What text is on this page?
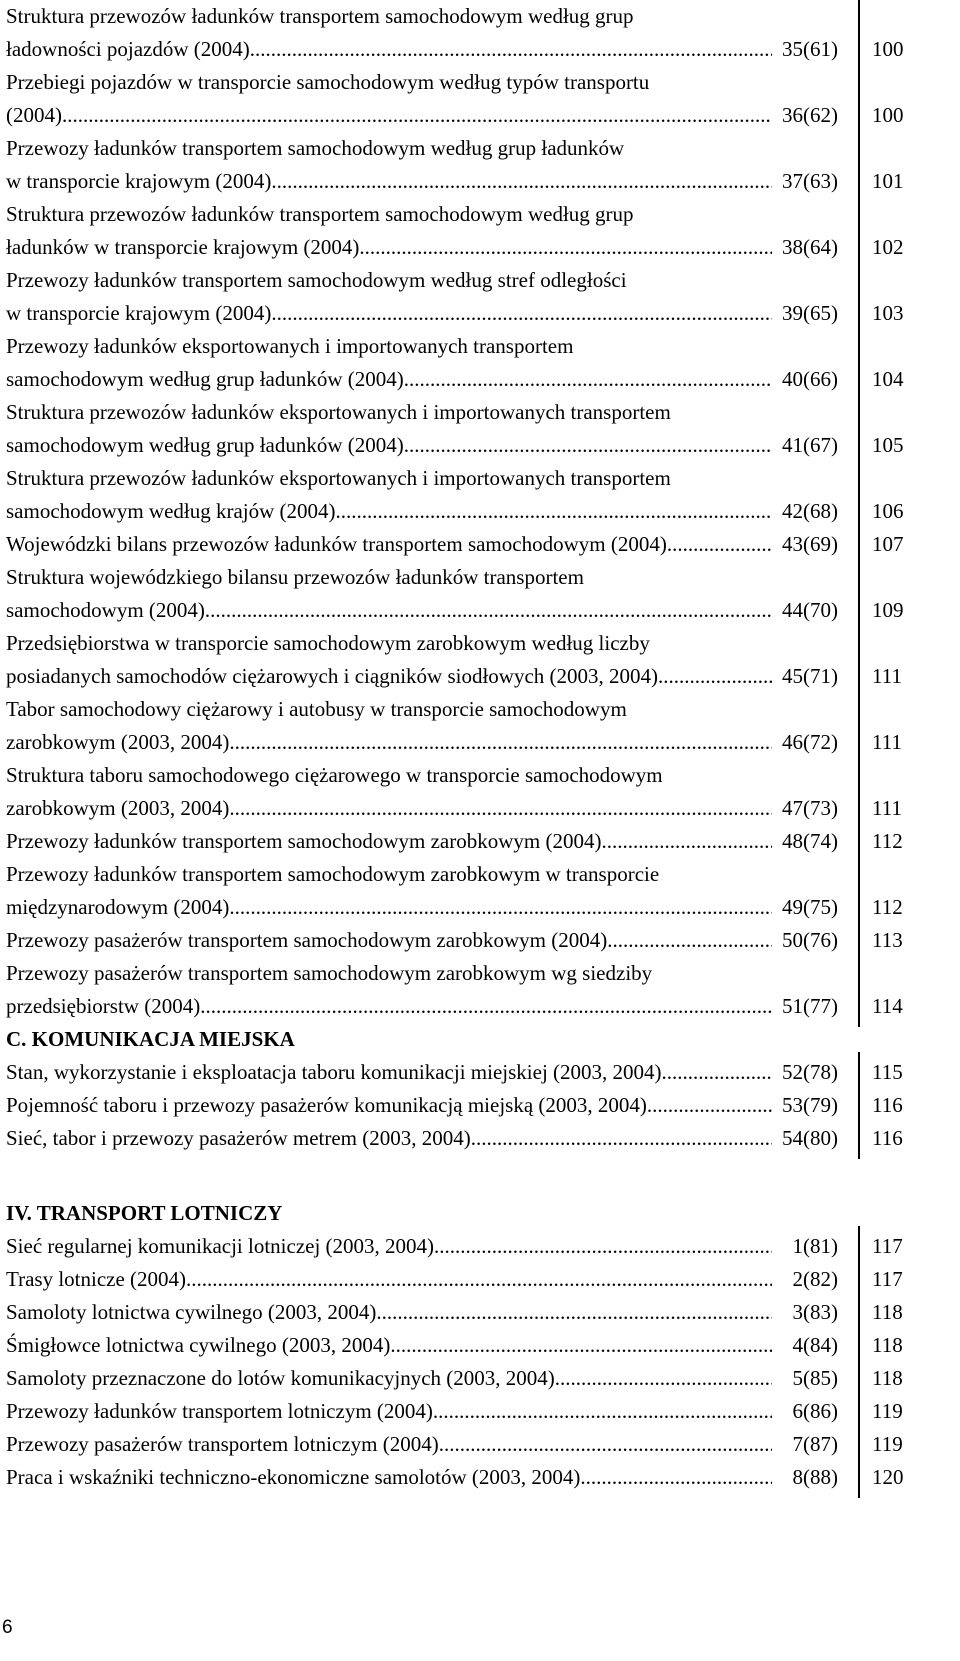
Struktura przewozów ładunków transportem samochodowym według grup
ładowności pojazdów (2004) .....	35(61) 100
Przebiegi pojazdów w transporcie samochodowym według typów transportu
(2004) .....	36(62) 100
Przewozy ładunków transportem samochodowym według grup ładunków
w transporcie krajowym (2004) .....	37(63) 101
Struktura przewozów ładunków transportem samochodowym według grup
ładunków w transporcie krajowym (2004) .....	38(64) 102
Przewozy ładunków transportem samochodowym według stref odległości
w transporcie krajowym (2004) .....	39(65) 103
Przewozy ładunków eksportowanych i importowanych transportem
samochodowym według grup ładunków (2004) .....	40(66) 104
Struktura przewozów ładunków eksportowanych i importowanych transportem
samochodowym według grup ładunków (2004) .....	41(67) 105
Struktura przewozów ładunków eksportowanych i importowanych transportem
samochodowym według krajów (2004) .....	42(68) 106
Wojewódzki bilans przewozów ładunków transportem samochodowym (2004) .....	43(69) 107
Struktura wojewódzkiego bilansu przewozów ładunków transportem
samochodowym (2004) .....	44(70) 109
Przedsiębiorstwa w transporcie samochodowym zarobkowym według liczby
posiadanych samochodów ciężarowych i ciągników siodłowych (2003, 2004) .....	45(71) 111
Tabor samochodowy ciężarowy i autobusy w transporcie samochodowym
zarobkowym (2003, 2004) .....	46(72) 111
Struktura taboru samochodowego ciężarowego w transporcie samochodowym
zarobkowym (2003, 2004) .....	47(73) 111
Przewozy ładunków transportem samochodowym zarobkowym (2004) .....	48(74) 112
Przewozy ładunków transportem samochodowym zarobkowym w transporcie
międzynarodowym (2004) .....	49(75) 112
Przewozy pasażerów transportem samochodowym zarobkowym (2004) .....	50(76) 113
Przewozy pasażerów transportem samochodowym zarobkowym wg siedziby
przedsiębiorstw (2004) .....	51(77) 114
C. KOMUNIKACJA MIEJSKA
Stan, wykorzystanie i eksploatacja taboru komunikacji miejskiej (2003, 2004) .....	52(78) 115
Pojemność taboru i przewozy pasażerów komunikacją miejską (2003, 2004) .....	53(79) 116
Sieć, tabor i przewozy pasażerów metrem (2003, 2004) .....	54(80) 116
IV. TRANSPORT LOTNICZY
Sieć regularnej komunikacji lotniczej (2003, 2004) .....	1(81) 117
Trasy lotnicze (2004) .....	2(82) 117
Samoloty lotnictwa cywilnego (2003, 2004) .....	3(83) 118
Śmigłowce lotnictwa cywilnego (2003, 2004) .....	4(84) 118
Samoloty przeznaczone do lotów komunikacyjnych (2003, 2004) .....	5(85) 118
Przewozy ładunków transportem lotniczym (2004) .....	6(86) 119
Przewozy pasażerów transportem lotniczym (2004) .....	7(87) 119
Praca i wskaźniki techniczno-ekonomiczne samolotów (2003, 2004) .....	8(88) 120
6
